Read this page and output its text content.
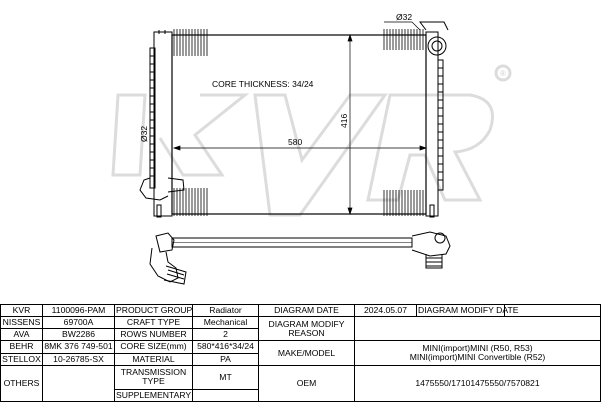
®
CORE THICKNESS: 34/24
580
416
Ø32
Ø32
KVR	1100096-PAM	PRODUCT GROUP	Radiator	DIAGRAM DATE	2024.05.07	DIAGRAM MODIFY DATE	
NISSENS	69700A	CRAFT TYPE	Mechanical	DIAGRAM MODIFY REASON			
AVA	BW2286	ROWS NUMBER	2				
BEHR	8MK 376 749-501	CORE SIZE(mm)	580*416*34/24	MAKE/MODEL	MINI(import)MINI (R50, R53)
MINI(import)MINI Convertible (R52)		

STELLOX	10-26785-SX	MATERIAL	PA				
OTHERS		TRANSMISSION TYPE	MT	OEM	1475550/17101475550/7570821		
		SUPPLEMENTARY					
